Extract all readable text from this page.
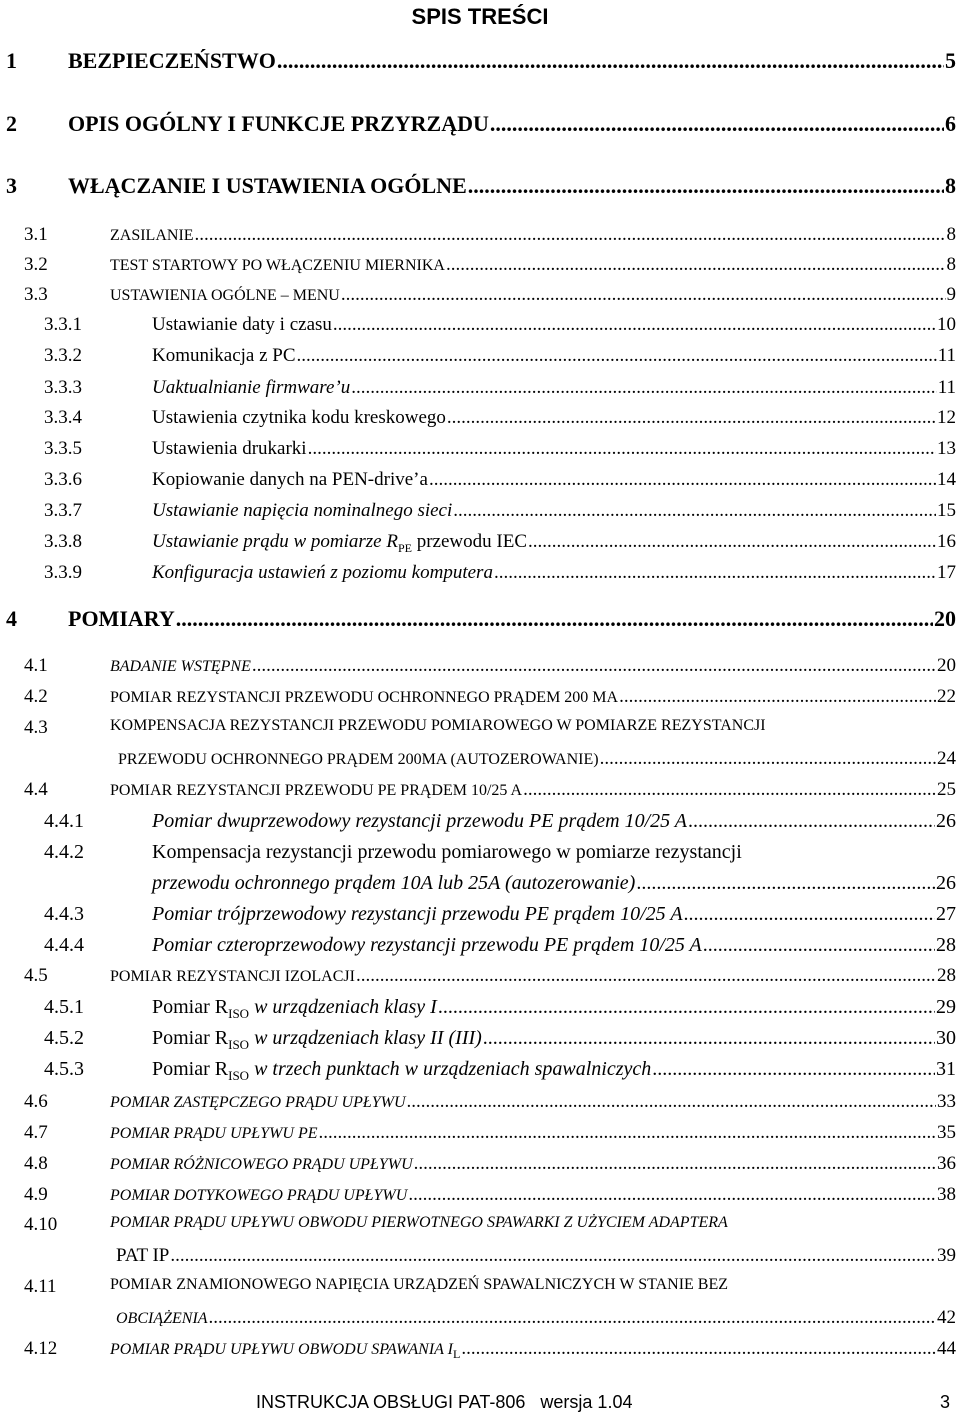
SPIS TREŚCI
1 BEZPIECZEŃSTWO .....	5
2 OPIS OGÓLNY I FUNKCJE PRZYRZĄDU .....	6
3 WŁĄCZANIE I USTAWIENIA OGÓLNE .....	8
3.1	ZASILANIE .....	8
3.2	TEST STARTOWY PO WŁĄCZENIU MIERNIKA .....	8
3.3	USTAWIENIA OGÓLNE – MENU .....	9
3.3.1	Ustawianie daty i czasu .....	10
3.3.2	Komunikacja z PC .....	11
3.3.3	Uaktualnianie firmware’u .....	11
3.3.4	Ustawienia czytnika kodu kreskowego .....	12
3.3.5	Ustawienia drukarki .....	13
3.3.6	Kopiowanie danych na PEN-drive’a .....	14
3.3.7	Ustawianie napięcia nominalnego sieci .....	15
3.3.8	Ustawianie prądu w pomiarze $R_{PE}$ przewodu IEC .....	16
3.3.9	Konfiguracja ustawień z poziomu komputera .....	17
4 POMIARY .....	20
4.1	BADANIE WSTĘPNE .....	20
4.2	POMIAR REZYSTANCJI PRZEWODU OCHRONNEGO PRĄDEM 200 MA .....	22
4.3	KOMPENSACJA REZYSTANCJI PRZEWODU POMIAROWEGO W POMIARZE REZYSTANCJI
PRZEWODU OCHRONNEGO PRĄDEM 200MA (AUTOZEROWANIE) .....	24
4.4	POMIAR REZYSTANCJI PRZEWODU PE PRĄDEM 10/25 A .....	25
4.4.1	Pomiar dwuprzewodowy rezystancji przewodu PE prądem 10/25 A .....	26
4.4.2	Kompensacja rezystancji przewodu pomiarowego w pomiarze rezystancji
przewodu ochronnego prądem 10A lub 25A (autozerowanie) .....	26
4.4.3	Pomiar trójprzewodowy rezystancji przewodu PE prądem 10/25 A .....	27
4.4.4	Pomiar czteroprzewodowy rezystancji przewodu PE prądem 10/25 A .....	28
4.5	POMIAR REZYSTANCJI IZOLACJI .....	28
4.5.1	Pomiar $R_{ISO}$ w urządzeniach klasy I .....	29
4.5.2	Pomiar $R_{ISO}$ w urządzeniach klasy II (III) .....	30
4.5.3	Pomiar $R_{ISO}$ w trzech punktach w urządzeniach spawalniczych .....	31
4.6	POMIAR ZASTĘPCZEGO PRĄDU UPŁYWU .....	33
4.7	POMIAR PRĄDU UPŁYWU PE .....	35
4.8	POMIAR RÓŻNICOWEGO PRĄDU UPŁYWU .....	36
4.9	POMIAR DOTYKOWEGO PRĄDU UPŁYWU .....	38
4.10	POMIAR PRĄDU UPŁYWU OBWODU PIERWOTNEGO SPAWARKI Z UŻYCIEM ADAPTERA
PAT IP .....	39
4.11	POMIAR ZNAMIONOWEGO NAPIĘCIA URZĄDZEŃ SPAWALNICZYCH W STANIE BEZ
OBCIĄŻENIA .....	42
4.12	POMIAR PRĄDU UPŁYWU OBWODU SPAWANIA $I_L$ .....	44
INSTRUKCJA OBSŁUGI PAT-806   wersja 1.04	3
